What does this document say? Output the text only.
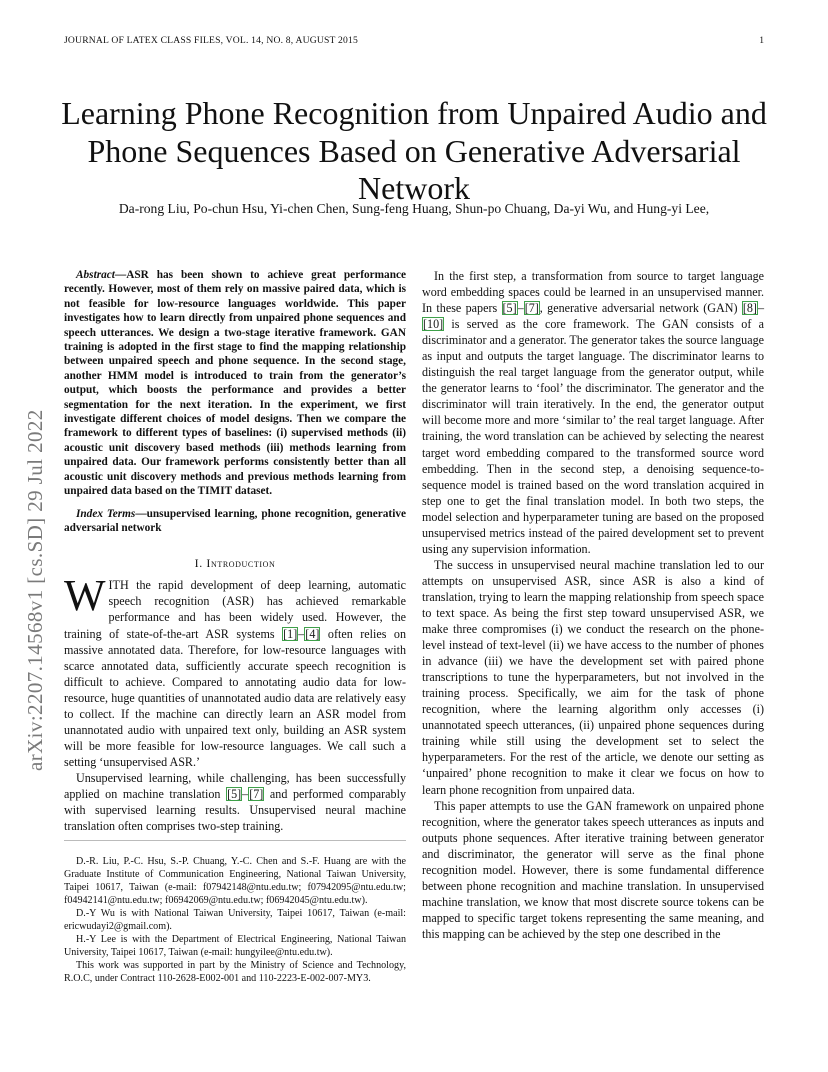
JOURNAL OF LATEX CLASS FILES, VOL. 14, NO. 8, AUGUST 2015	1
Learning Phone Recognition from Unpaired Audio and Phone Sequences Based on Generative Adversarial Network
Da-rong Liu, Po-chun Hsu, Yi-chen Chen, Sung-feng Huang, Shun-po Chuang, Da-yi Wu, and Hung-yi Lee,
arXiv:2207.14568v1 [cs.SD] 29 Jul 2022

Abstract—ASR has been shown to achieve great performance recently. However, most of them rely on massive paired data, which is not feasible for low-resource languages worldwide. This paper investigates how to learn directly from unpaired phone sequences and speech utterances. We design a two-stage iterative framework. GAN training is adopted in the first stage to find the mapping relationship between unpaired speech and phone sequence. In the second stage, another HMM model is introduced to train from the generator’s output, which boosts the performance and provides a better segmentation for the next iteration. In the experiment, we first investigate different choices of model designs. Then we compare the framework to different types of baselines: (i) supervised methods (ii) acoustic unit discovery based methods (iii) methods learning from unpaired data. Our framework performs consistently better than all acoustic unit discovery methods and previous methods learning from unpaired data based on the TIMIT dataset.

Index Terms—unsupervised learning, phone recognition, generative adversarial network

I. Introduction

WITH the rapid development of deep learning, automatic speech recognition (ASR) has achieved remarkable performance and has been widely used. However, the training of state-of-the-art ASR systems [1]–[4] often relies on massive annotated data. Therefore, for low-resource languages with scarce annotated data, sufficiently accurate speech recognition is difficult to achieve. Compared to annotating audio data for low-resource, huge quantities of unannotated audio data are relatively easy to collect. If the machine can directly learn an ASR model from unannotated audio with unpaired text only, building an ASR system will be more feasible for low-resource languages. We call such a setting ‘unsupervised ASR.’

Unsupervised learning, while challenging, has been successfully applied on machine translation [5]–[7] and performed comparably with supervised learning results. Unsupervised neural machine translation often comprises two-step training.

D.-R. Liu, P.-C. Hsu, S.-P. Chuang, Y.-C. Chen and S.-F. Huang are with the Graduate Institute of Communication Engineering, National Taiwan University, Taipei 10617, Taiwan (e-mail: f07942148@ntu.edu.tw; f07942095@ntu.edu.tw; f04942141@ntu.edu.tw; f06942069@ntu.edu.tw; f06942045@ntu.edu.tw).

D.-Y Wu is with National Taiwan University, Taipei 10617, Taiwan (e-mail: ericwudayi2@gmail.com).

H.-Y Lee is with the Department of Electrical Engineering, National Taiwan University, Taipei 10617, Taiwan (e-mail: hungyilee@ntu.edu.tw).

This work was supported in part by the Ministry of Science and Technology, R.O.C, under Contract 110-2628-E002-001 and 110-2223-E-002-007-MY3.

In the first step, a transformation from source to target language word embedding spaces could be learned in an unsupervised manner. In these papers [5]–[7], generative adversarial network (GAN) [8]–[10] is served as the core framework. The GAN consists of a discriminator and a generator. The generator takes the source language as input and outputs the target language. The discriminator learns to distinguish the real target language from the generator output, while the generator learns to ‘fool’ the discriminator. The generator and the discriminator will train iteratively. In the end, the generator output will become more and more ‘similar to’ the real target language. After training, the word translation can be achieved by selecting the nearest target word embedding compared to the transformed source word embedding. Then in the second step, a denoising sequence-to-sequence model is trained based on the word translation acquired in step one to get the final translation model. In both two steps, the model selection and hyperparameter tuning are based on the proposed unsupervised metrics instead of the paired development set to prevent using any supervision information.

The success in unsupervised neural machine translation led to our attempts on unsupervised ASR, since ASR is also a kind of translation, trying to learn the mapping relationship from speech space to text space. As being the first step toward unsupervised ASR, we make three compromises (i) we conduct the research on the phone-level instead of text-level (ii) we have access to the number of phones in advance (iii) we have the development set with paired phone transcriptions to tune the hyperparameters, but not involved in the training process. Specifically, we aim for the task of phone recognition, where the learning algorithm only accesses (i) unannotated speech utterances, (ii) unpaired phone sequences during training while still using the development set to select the hyperparameters. For the rest of the article, we denote our setting as ‘unpaired’ phone recognition to make it clear we focus on how to learn phone recognition from unpaired data.

This paper attempts to use the GAN framework on unpaired phone recognition, where the generator takes speech utterances as inputs and outputs phone sequences. After iterative training between generator and discriminator, the generator will serve as the final phone recognition model. However, there is some fundamental difference between phone recognition and machine translation. In unsupervised machine translation, we know that most discrete source tokens can be mapped to specific target tokens representing the same meaning, and this mapping can be achieved by the step one described in the
